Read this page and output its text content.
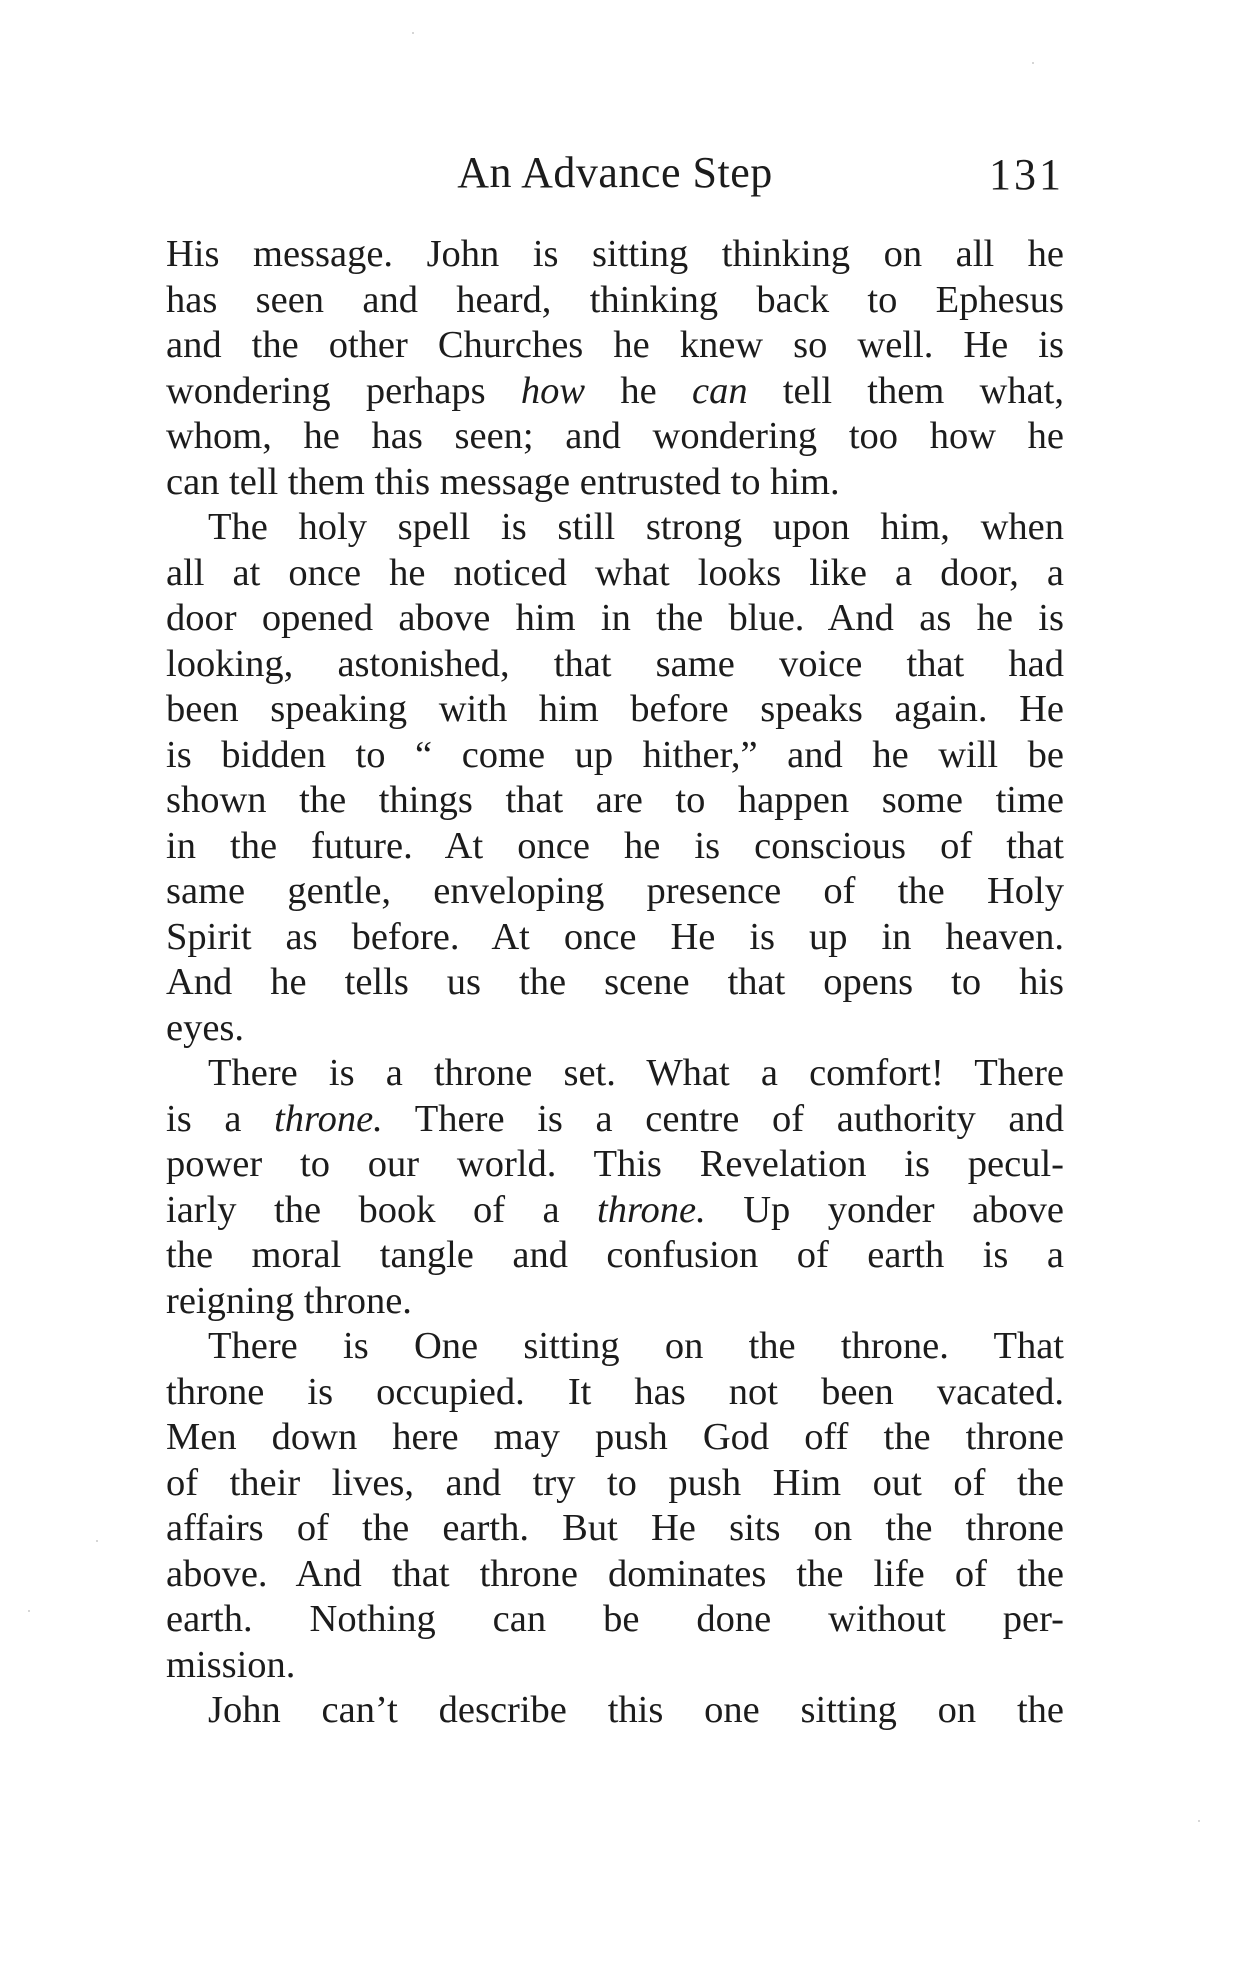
An Advance Step	131
His message. John is sitting thinking on all he
has seen and heard, thinking back to Ephesus
and the other Churches he knew so well. He is
wondering perhaps how he can tell them what,
whom, he has seen; and wondering too how he
can tell them this message entrusted to him.
The holy spell is still strong upon him, when
all at once he noticed what looks like a door, a
door opened above him in the blue. And as he is
looking, astonished, that same voice that had
been speaking with him before speaks again. He
is bidden to “ come up hither,” and he will be
shown the things that are to happen some time
in the future. At once he is conscious of that
same gentle, enveloping presence of the Holy
Spirit as before. At once He is up in heaven.
And he tells us the scene that opens to his
eyes.
There is a throne set. What a comfort! There
is a throne. There is a centre of authority and
power to our world. This Revelation is pecul-
iarly the book of a throne. Up yonder above
the moral tangle and confusion of earth is a
reigning throne.
There is One sitting on the throne. That
throne is occupied. It has not been vacated.
Men down here may push God off the throne
of their lives, and try to push Him out of the
affairs of the earth. But He sits on the throne
above. And that throne dominates the life of the
earth. Nothing can be done without per-
mission.
John can’t describe this one sitting on the
